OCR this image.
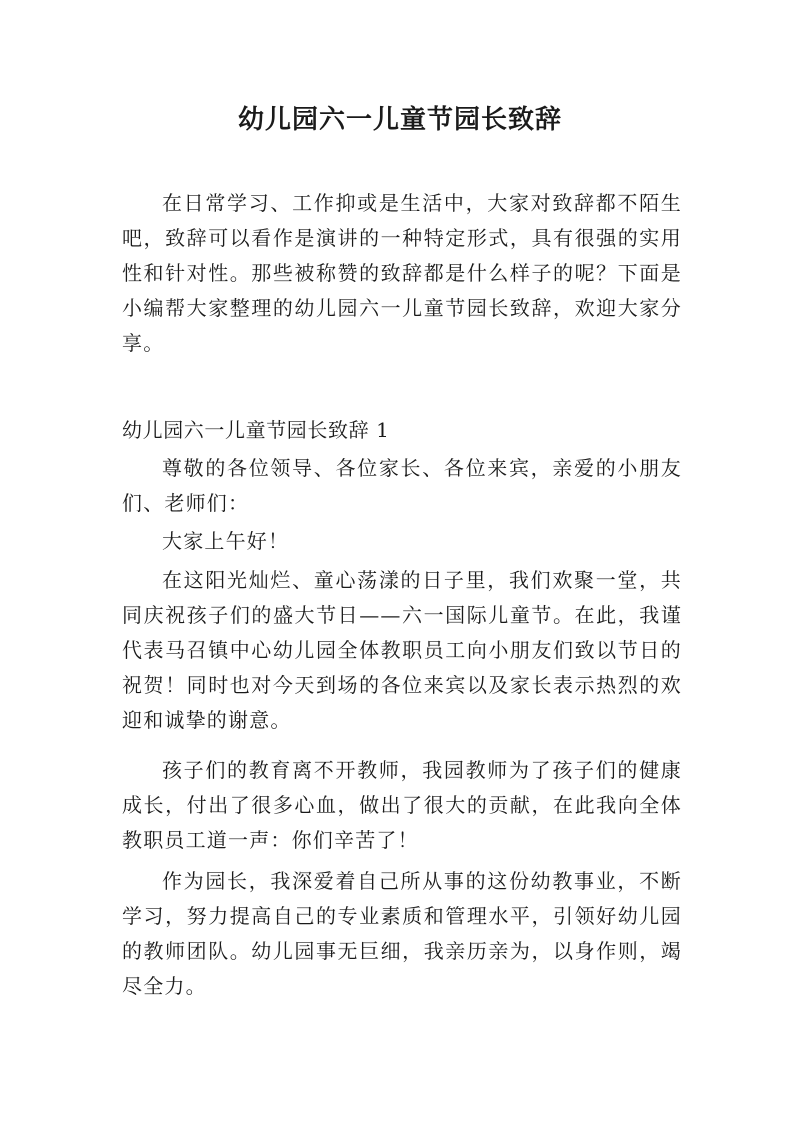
幼儿园六一儿童节园长致辞

在日常学习、工作抑或是生活中，大家对致辞都不陌生吧，致辞可以看作是演讲的一种特定形式，具有很强的实用性和针对性。那些被称赞的致辞都是什么样子的呢？下面是小编帮大家整理的幼儿园六一儿童节园长致辞，欢迎大家分享。

幼儿园六一儿童节园长致辞 1

尊敬的各位领导、各位家长、各位来宾，亲爱的小朋友们、老师们：

大家上午好！

在这阳光灿烂、童心荡漾的日子里，我们欢聚一堂，共同庆祝孩子们的盛大节日——六一国际儿童节。在此，我谨代表马召镇中心幼儿园全体教职员工向小朋友们致以节日的祝贺！同时也对今天到场的各位来宾以及家长表示热烈的欢迎和诚挚的谢意。

孩子们的教育离不开教师，我园教师为了孩子们的健康成长，付出了很多心血，做出了很大的贡献，在此我向全体教职员工道一声：你们辛苦了！

作为园长，我深爱着自己所从事的这份幼教事业，不断学习，努力提高自己的专业素质和管理水平，引领好幼儿园的教师团队。幼儿园事无巨细，我亲历亲为，以身作则，竭尽全力。
